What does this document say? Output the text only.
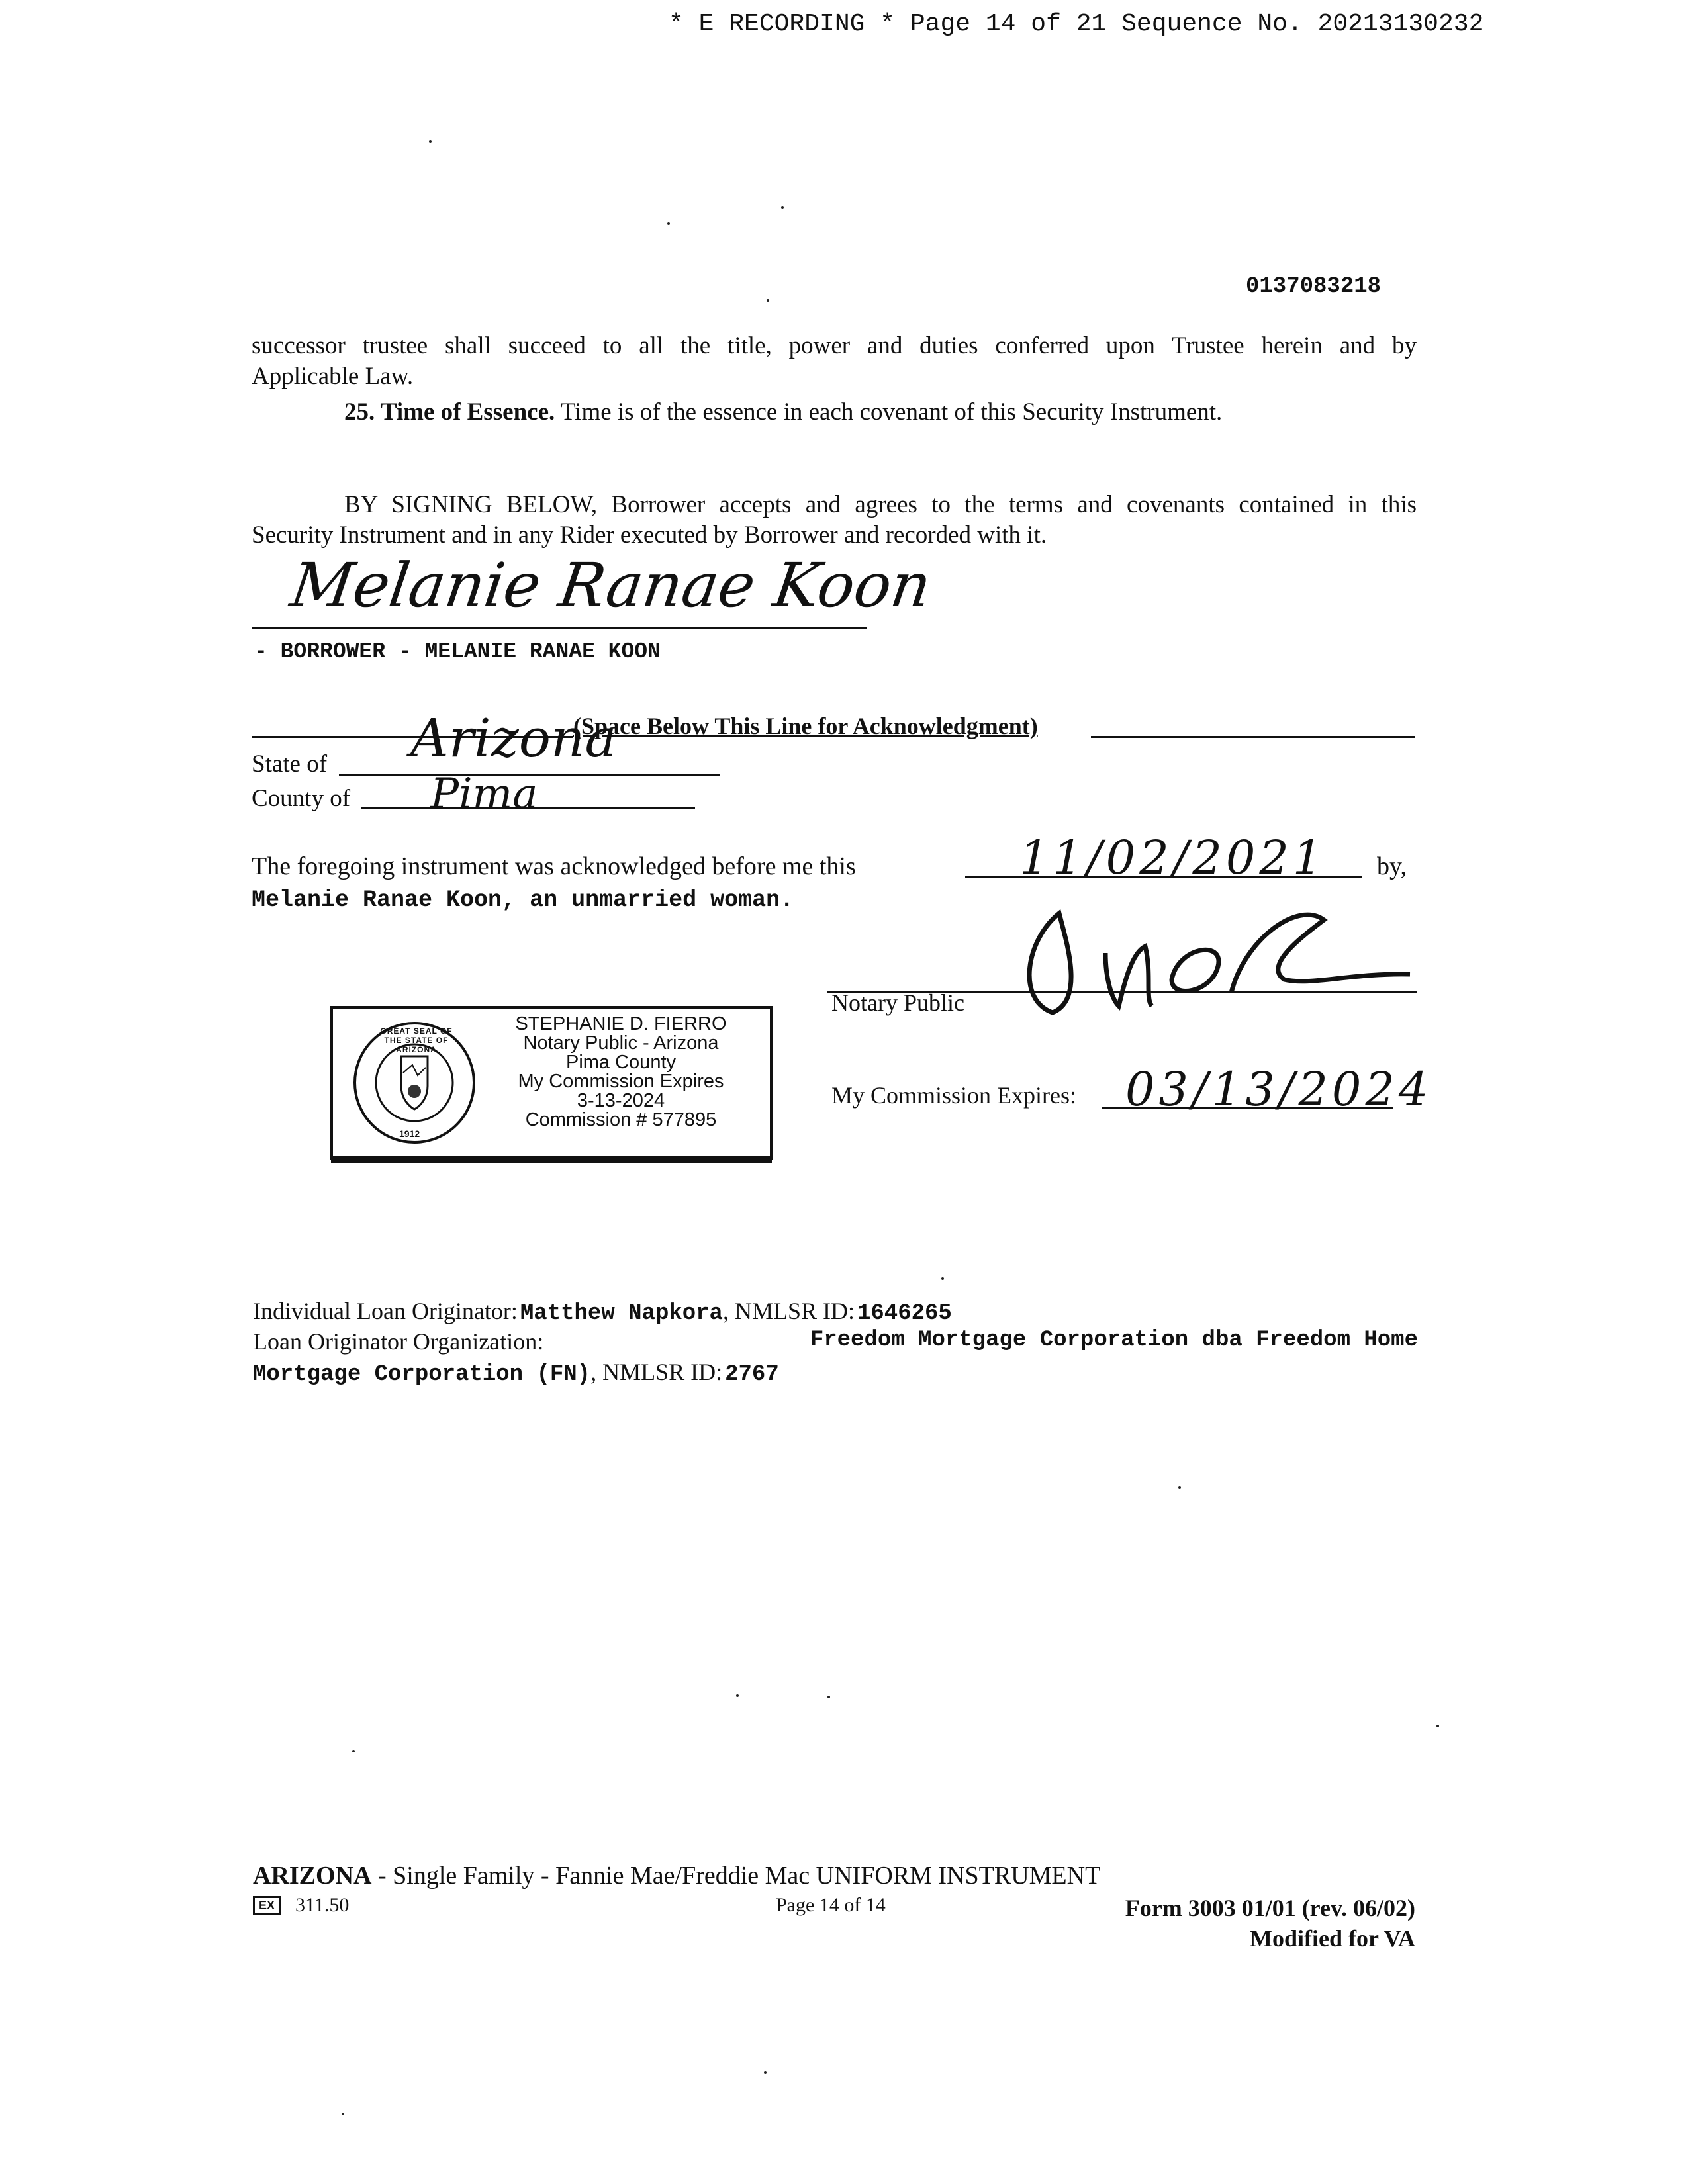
* E RECORDING * Page 14 of 21 Sequence No. 20213130232
0137083218
successor trustee shall succeed to all the title, power and duties conferred upon Trustee herein and by
Applicable Law.
25. Time of Essence. Time is of the essence in each covenant of this Security Instrument.
BY SIGNING BELOW, Borrower accepts and agrees to the terms and covenants contained in this
Security Instrument and in any Rider executed by Borrower and recorded with it.
Melanie Ranae Koon
- BORROWER - MELANIE RANAE KOON
(Space Below This Line for Acknowledgment)
State of Arizona
County of Pima
The foregoing instrument was acknowledged before me this	11/02/2021 by,
Melanie Ranae Koon, an unmarried woman.
Notary Public
GREAT SEAL OF THE STATE OF ARIZONA
1912
STEPHANIE D. FIERRO
Notary Public - Arizona
Pima County
My Commission Expires
3-13-2024
Commission # 577895
My Commission Expires: 03/13/2024
Individual Loan Originator: Matthew Napkora, NMLSR ID: 1646265
Loan Originator Organization:	Freedom Mortgage Corporation dba Freedom Home
Mortgage Corporation (FN), NMLSR ID: 2767
ARIZONA - Single Family - Fannie Mae/Freddie Mac UNIFORM INSTRUMENT
EX	311.50	Page 14 of 14	Form 3003 01/01 (rev. 06/02)
Modified for VA
